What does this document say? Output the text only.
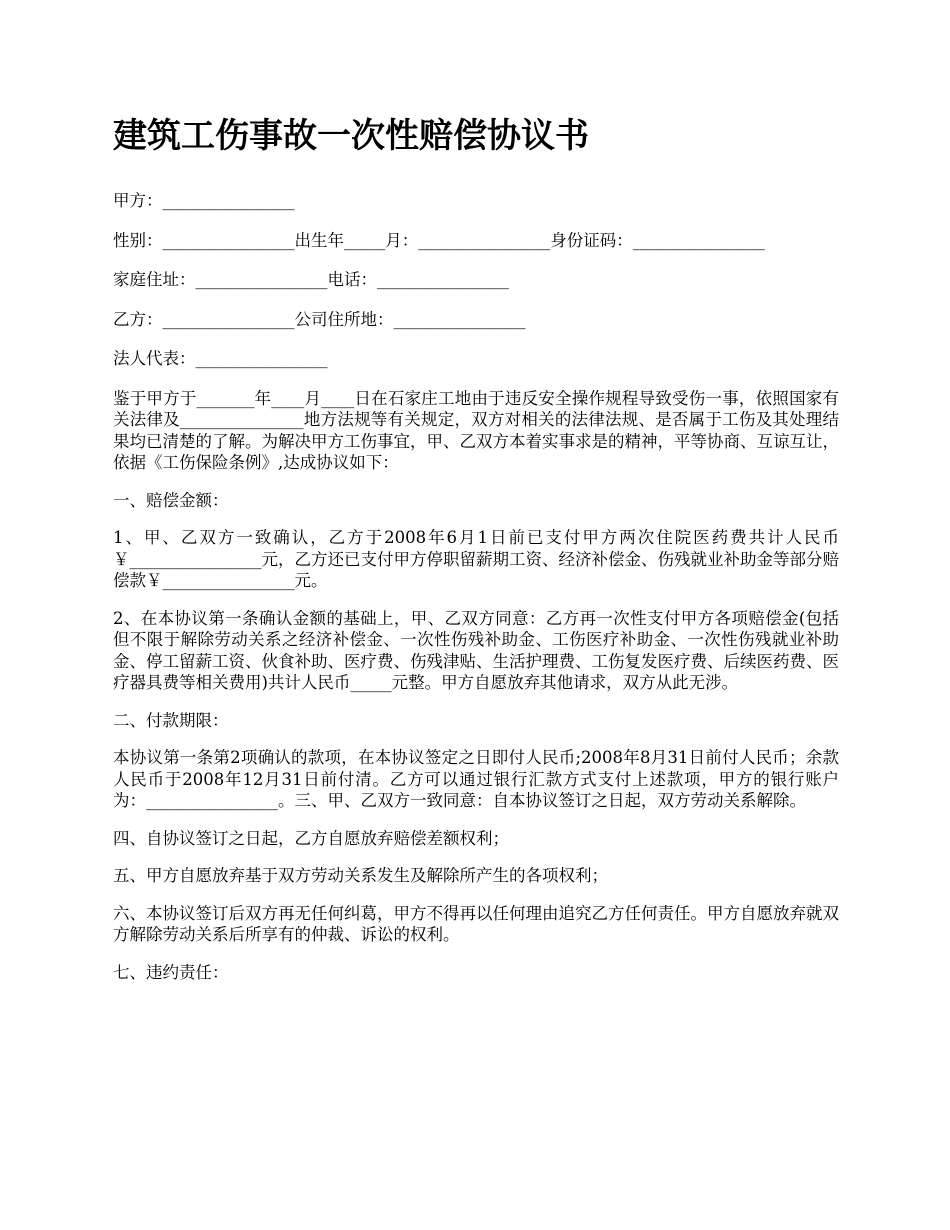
建筑工伤事故一次性赔偿协议书

甲方：________________

性别：________________出生年_____月：________________身份证码：________________

家庭住址：________________电话：________________

乙方：________________公司住所地：________________

法人代表：________________

鉴于甲方于_______年____月____日在石家庄工地由于违反安全操作规程导致受伤一事，依照国家有关法律及_______________地方法规等有关规定，双方对相关的法律法规、是否属于工伤及其处理结果均已清楚的了解。为解决甲方工伤事宜，甲、乙双方本着实事求是的精神，平等协商、互谅互让，依据《工伤保险条例》,达成协议如下：

一、赔偿金额：

1、甲、乙双方一致确认，乙方于2008年6月1日前已支付甲方两次住院医药费共计人民币￥________________元，乙方还已支付甲方停职留薪期工资、经济补偿金、伤残就业补助金等部分赔偿款￥________________元。

2、在本协议第一条确认金额的基础上，甲、乙双方同意：乙方再一次性支付甲方各项赔偿金(包括但不限于解除劳动关系之经济补偿金、一次性伤残补助金、工伤医疗补助金、一次性伤残就业补助金、停工留薪工资、伙食补助、医疗费、伤残津贴、生活护理费、工伤复发医疗费、后续医药费、医疗器具费等相关费用)共计人民币_____元整。甲方自愿放弃其他请求，双方从此无涉。

二、付款期限：

本协议第一条第2项确认的款项，在本协议签定之日即付人民币;2008年8月31日前付人民币；余款人民币于2008年12月31日前付清。乙方可以通过银行汇款方式支付上述款项，甲方的银行账户为：________________。三、甲、乙双方一致同意：自本协议签订之日起，双方劳动关系解除。

四、自协议签订之日起，乙方自愿放弃赔偿差额权利；

五、甲方自愿放弃基于双方劳动关系发生及解除所产生的各项权利；

六、本协议签订后双方再无任何纠葛，甲方不得再以任何理由追究乙方任何责任。甲方自愿放弃就双方解除劳动关系后所享有的仲裁、诉讼的权利。

七、违约责任：
